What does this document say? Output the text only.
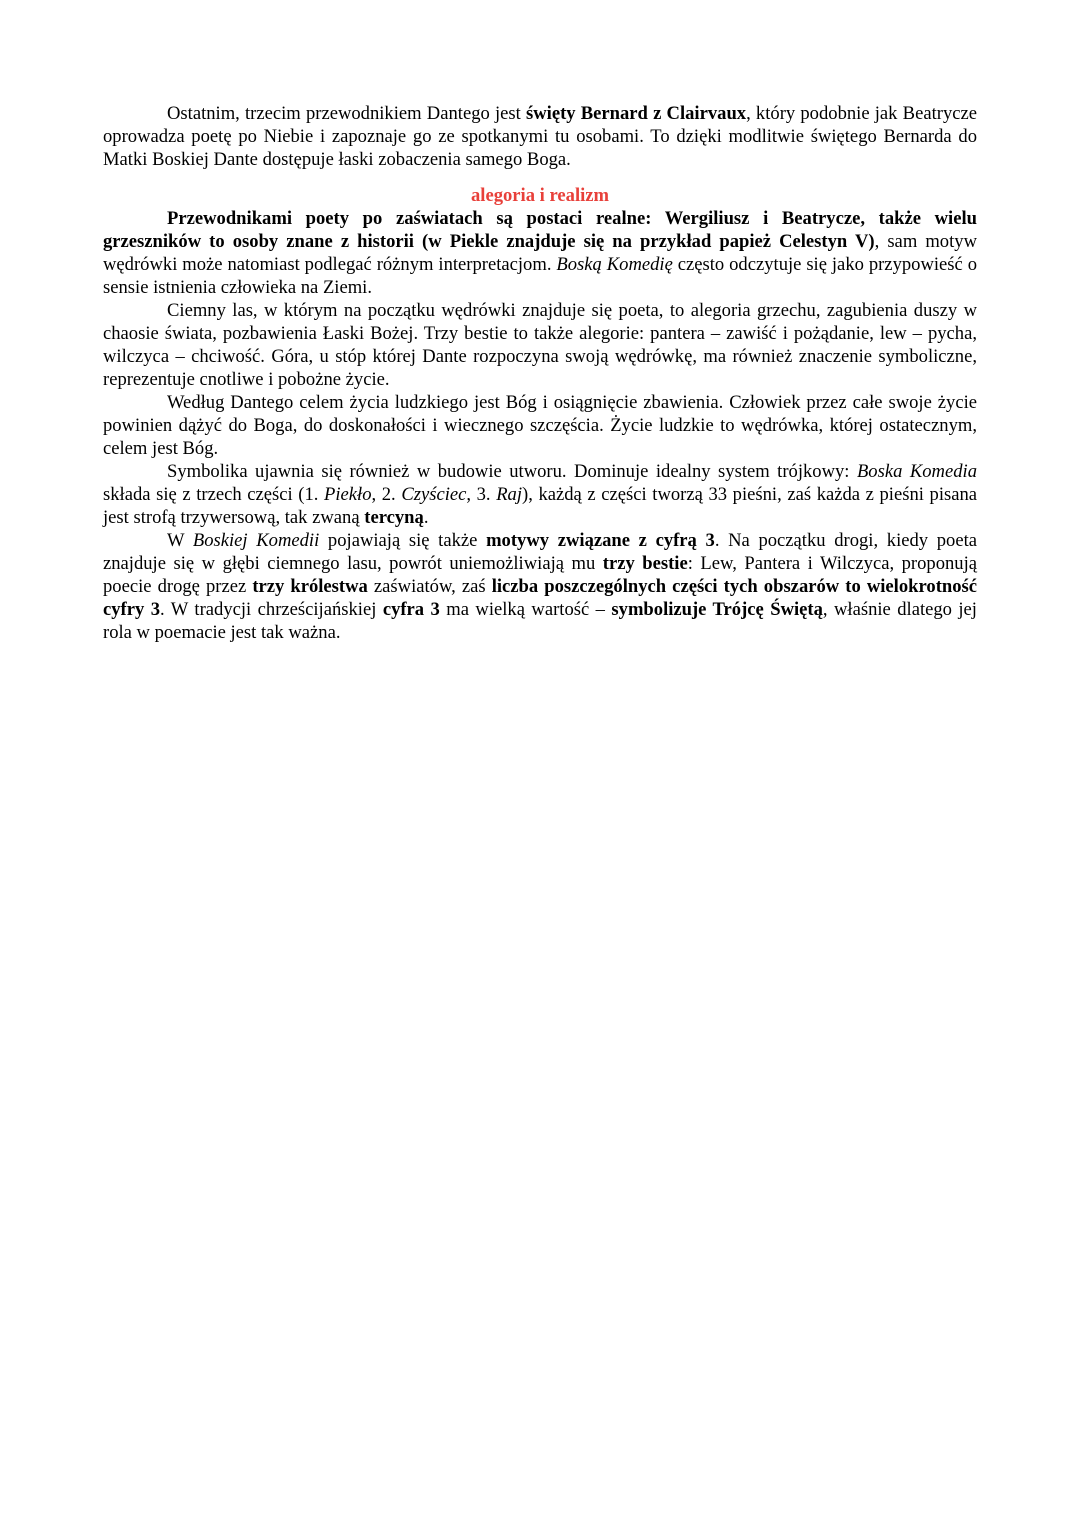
Ostatnim, trzecim przewodnikiem Dantego jest święty Bernard z Clairvaux, który podobnie jak Beatrycze oprowadza poetę po Niebie i zapoznaje go ze spotkanymi tu osobami. To dzięki modlitwie świętego Bernarda do Matki Boskiej Dante dostępuje łaski zobaczenia samego Boga.

alegoria i realizm

Przewodnikami poety po zaświatach są postaci realne: Wergiliusz i Beatrycze, także wielu grzeszników to osoby znane z historii (w Piekle znajduje się na przykład papież Celestyn V), sam motyw wędrówki może natomiast podlegać różnym interpretacjom. Boską Komedię często odczytuje się jako przypowieść o sensie istnienia człowieka na Ziemi.

Ciemny las, w którym na początku wędrówki znajduje się poeta, to alegoria grzechu, zagubienia duszy w chaosie świata, pozbawienia Łaski Bożej. Trzy bestie to także alegorie: pantera – zawiść i pożądanie, lew – pycha, wilczyca – chciwość. Góra, u stóp której Dante rozpoczyna swoją wędrówkę, ma również znaczenie symboliczne, reprezentuje cnotliwe i pobożne życie.

Według Dantego celem życia ludzkiego jest Bóg i osiągnięcie zbawienia. Człowiek przez całe swoje życie powinien dążyć do Boga, do doskonałości i wiecznego szczęścia. Życie ludzkie to wędrówka, której ostatecznym, celem jest Bóg.

Symbolika ujawnia się również w budowie utworu. Dominuje idealny system trójkowy: Boska Komedia składa się z trzech części (1. Piekło, 2. Czyściec, 3. Raj), każdą z części tworzą 33 pieśni, zaś każda z pieśni pisana jest strofą trzywersową, tak zwaną tercyną.

W Boskiej Komedii pojawiają się także motywy związane z cyfrą 3. Na początku drogi, kiedy poeta znajduje się w głębi ciemnego lasu, powrót uniemożliwiają mu trzy bestie: Lew, Pantera i Wilczyca, proponują poecie drogę przez trzy królestwa zaświatów, zaś liczba poszczególnych części tych obszarów to wielokrotność cyfry 3. W tradycji chrześcijańskiej cyfra 3 ma wielką wartość – symbolizuje Trójcę Świętą, właśnie dlatego jej rola w poemacie jest tak ważna.
